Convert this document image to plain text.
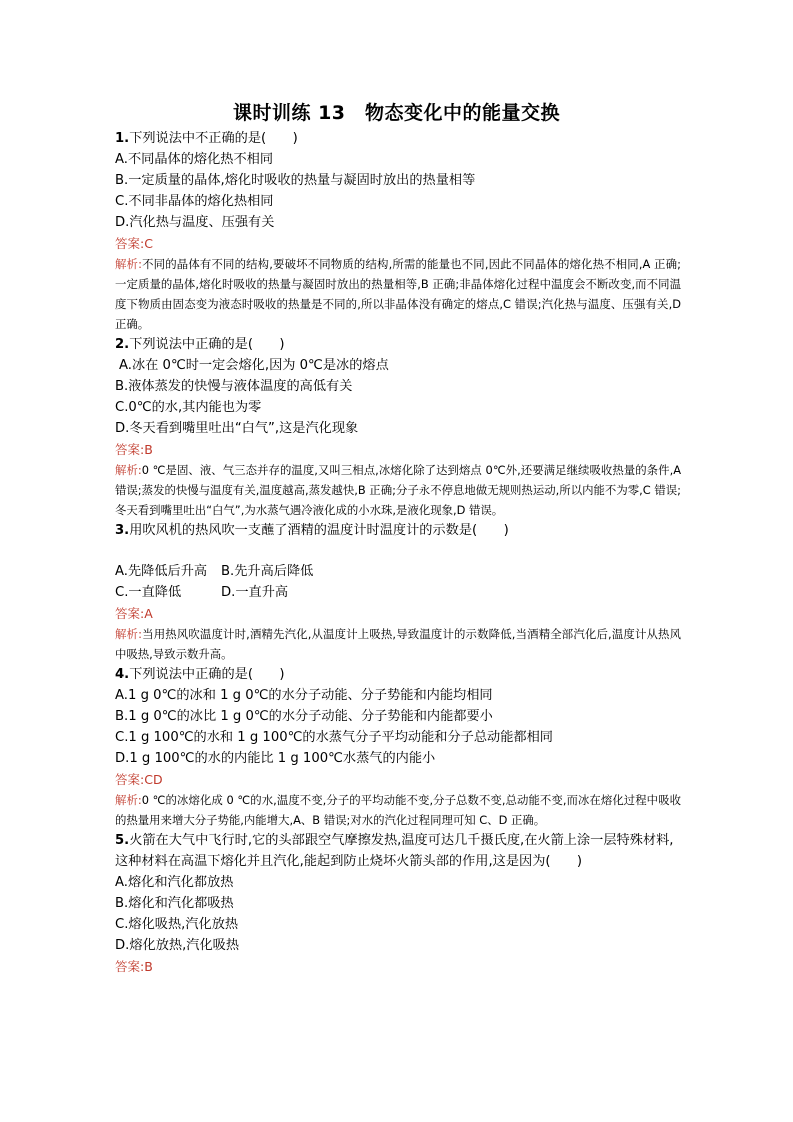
课时训练 13　物态变化中的能量交换
1.下列说法中不正确的是(　　)
A.不同晶体的熔化热不相同
B.一定质量的晶体,熔化时吸收的热量与凝固时放出的热量相等
C.不同非晶体的熔化热相同
D.汽化热与温度、压强有关
答案:C
解析:不同的晶体有不同的结构,要破坏不同物质的结构,所需的能量也不同,因此不同晶体的熔化热不相同,A 正确;一定质量的晶体,熔化时吸收的热量与凝固时放出的热量相等,B 正确;非晶体熔化过程中温度会不断改变,而不同温度下物质由固态变为液态时吸收的热量是不同的,所以非晶体没有确定的熔点,C 错误;汽化热与温度、压强有关,D 正确。
2.下列说法中正确的是(　　)
A.冰在 0℃时一定会熔化,因为 0℃是冰的熔点
B.液体蒸发的快慢与液体温度的高低有关
C.0℃的水,其内能也为零
D.冬天看到嘴里吐出“白气”,这是汽化现象
答案:B
解析:0 ℃是固、液、气三态并存的温度,又叫三相点,冰熔化除了达到熔点 0℃外,还要满足继续吸收热量的条件,A 错误;蒸发的快慢与温度有关,温度越高,蒸发越快,B 正确;分子永不停息地做无规则热运动,所以内能不为零,C 错误;冬天看到嘴里吐出“白气”,为水蒸气遇冷液化成的小水珠,是液化现象,D 错误。
3.用吹风机的热风吹一支蘸了酒精的温度计时温度计的示数是(　　)
A.先降低后升高 B.先升高后降低
C.一直降低	D.一直升高
答案:A
解析:当用热风吹温度计时,酒精先汽化,从温度计上吸热,导致温度计的示数降低,当酒精全部汽化后,温度计从热风中吸热,导致示数升高。
4.下列说法中正确的是(　　)
A.1 g 0℃的冰和 1 g 0℃的水分子动能、分子势能和内能均相同
B.1 g 0℃的冰比 1 g 0℃的水分子动能、分子势能和内能都要小
C.1 g 100℃的水和 1 g 100℃的水蒸气分子平均动能和分子总动能都相同
D.1 g 100℃的水的内能比 1 g 100℃水蒸气的内能小
答案:CD
解析:0 ℃的冰熔化成 0 ℃的水,温度不变,分子的平均动能不变,分子总数不变,总动能不变,而冰在熔化过程中吸收的热量用来增大分子势能,内能增大,A、B 错误;对水的汽化过程同理可知 C、D 正确。
5.火箭在大气中飞行时,它的头部跟空气摩擦发热,温度可达几千摄氏度,在火箭上涂一层特殊材料,这种材料在高温下熔化并且汽化,能起到防止烧坏火箭头部的作用,这是因为(　　)
A.熔化和汽化都放热
B.熔化和汽化都吸热
C.熔化吸热,汽化放热
D.熔化放热,汽化吸热
答案:B
